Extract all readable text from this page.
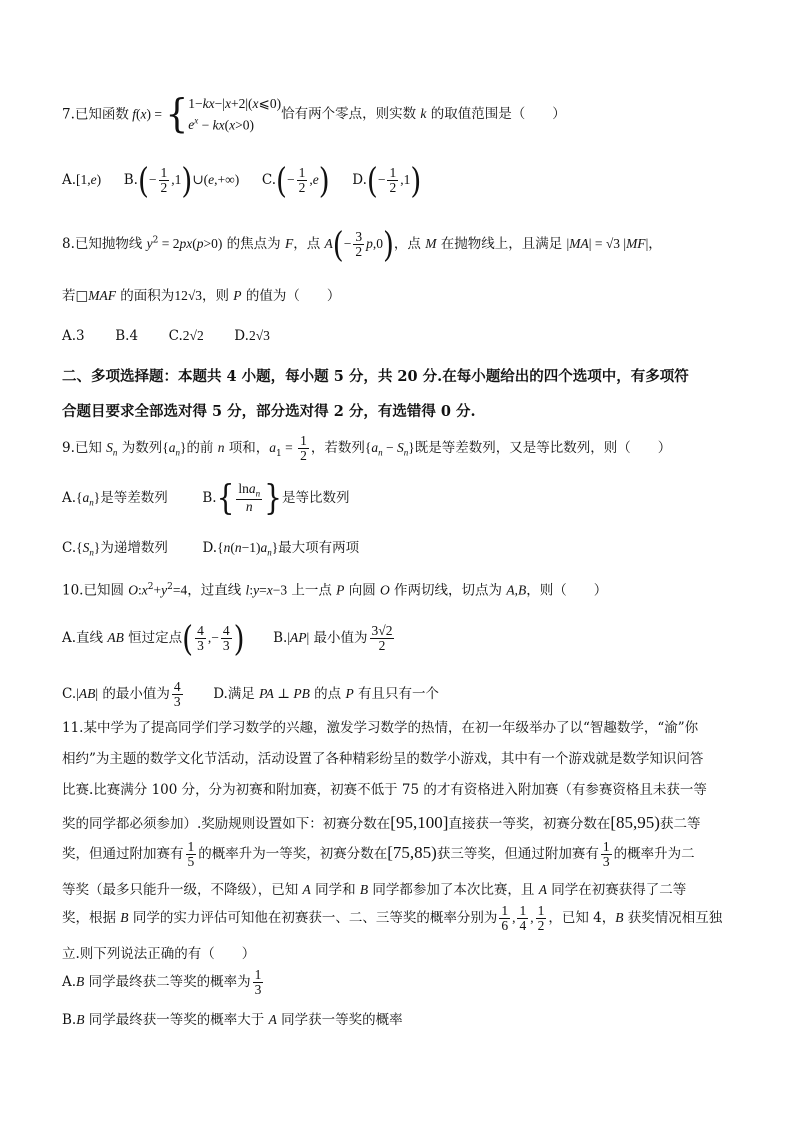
7.已知函数 f(x) = {1−kx−|x+2|(x⩽0)
$e^x - kx(x>0)$恰有两个零点，则实数 k 的取值范围是（　　）
A.[1,e) $B.(- \frac{1}{2}$ ,1)∪(e,+∞) $C.(- \frac{1}{2} ,e)$ $D.(- \frac{1}{2} ,1)$
8.已知抛物线 $y^2 = 2px(p>0)$ 的焦点为 F，点 $A(- \frac{3}{2} p,0)$，点 M 在抛物线上，且满足 |MA| = √3 |MF|，
若□MAF 的面积为12√3，则 P 的值为（　　）
A.3 B.4 C.2√2 D.2√3
二、多项选择题：本题共 4 小题，每小题 5 分，共 20 分.在每小题给出的四个选项中，有多项符
合题目要求全部选对得 5 分，部分选对得 2 分，有选错得 0 分.
9.已知 $S_n$ 为数列$\{a_n\}$的前 n 项和，$a_1 = \frac{1}{2}$ ，若数列$\{a_n - S_n\}$既是等差数列，又是等比数列，则（　　）
$A.\{a_n\}$是等差数列	$B.\{ \frac{\ln a_n}{n}$ }是等比数列
$C.\{S_n\}$为递增数列	$D.\{n(n-1)a_n\}$最大项有两项
10.已知圆 $O:x^2+y^2=4$，过直线 l:y=x−3 上一点 P 向圆 O 作两切线，切点为 A,B，则（　　）
A.直线 AB 恒过定点( $\frac{4}{3}$ ,− $\frac{4}{3}$ ) B.|AP| 最小值为 $\frac{3√2}{2}$
C.|AB| 的最小值为 $\frac{4}{3} D$.满足 PA ⊥ PB 的点 P 有且只有一个
11.某中学为了提高同学们学习数学的兴趣，激发学习数学的热情，在初一年级举办了以“智趣数学，“渝”你
相约”为主题的数学文化节活动，活动设置了各种精彩纷呈的数学小游戏，其中有一个游戏就是数学知识问答
比赛.比赛满分 100 分，分为初赛和附加赛，初赛不低于 75 的才有资格进入附加赛（有参赛资格且未获一等
奖的同学都必须参加）.奖励规则设置如下：初赛分数在[95,100]直接获一等奖，初赛分数在[85,95)获二等
奖，但通过附加赛有 $\frac{1}{5}$ 的概率升为一等奖，初赛分数在[75,85)获三等奖，但通过附加赛有 $\frac{1}{3}$ 的概率升为二
等奖（最多只能升一级，不降级），已知 A 同学和 B 同学都参加了本次比赛，且 A 同学在初赛获得了二等
奖，根据 B 同学的实力评估可知他在初赛获一、二、三等奖的概率分别为 $\frac{1}{6}$ , $\frac{1}{4}$ , $\frac{1}{2}$ ，已知 4，B 获奖情况相互独
立.则下列说法正确的有（　　）
A.B 同学最终获二等奖的概率为 $\frac{1}{3}$
B.B 同学最终获一等奖的概率大于 A 同学获一等奖的概率
